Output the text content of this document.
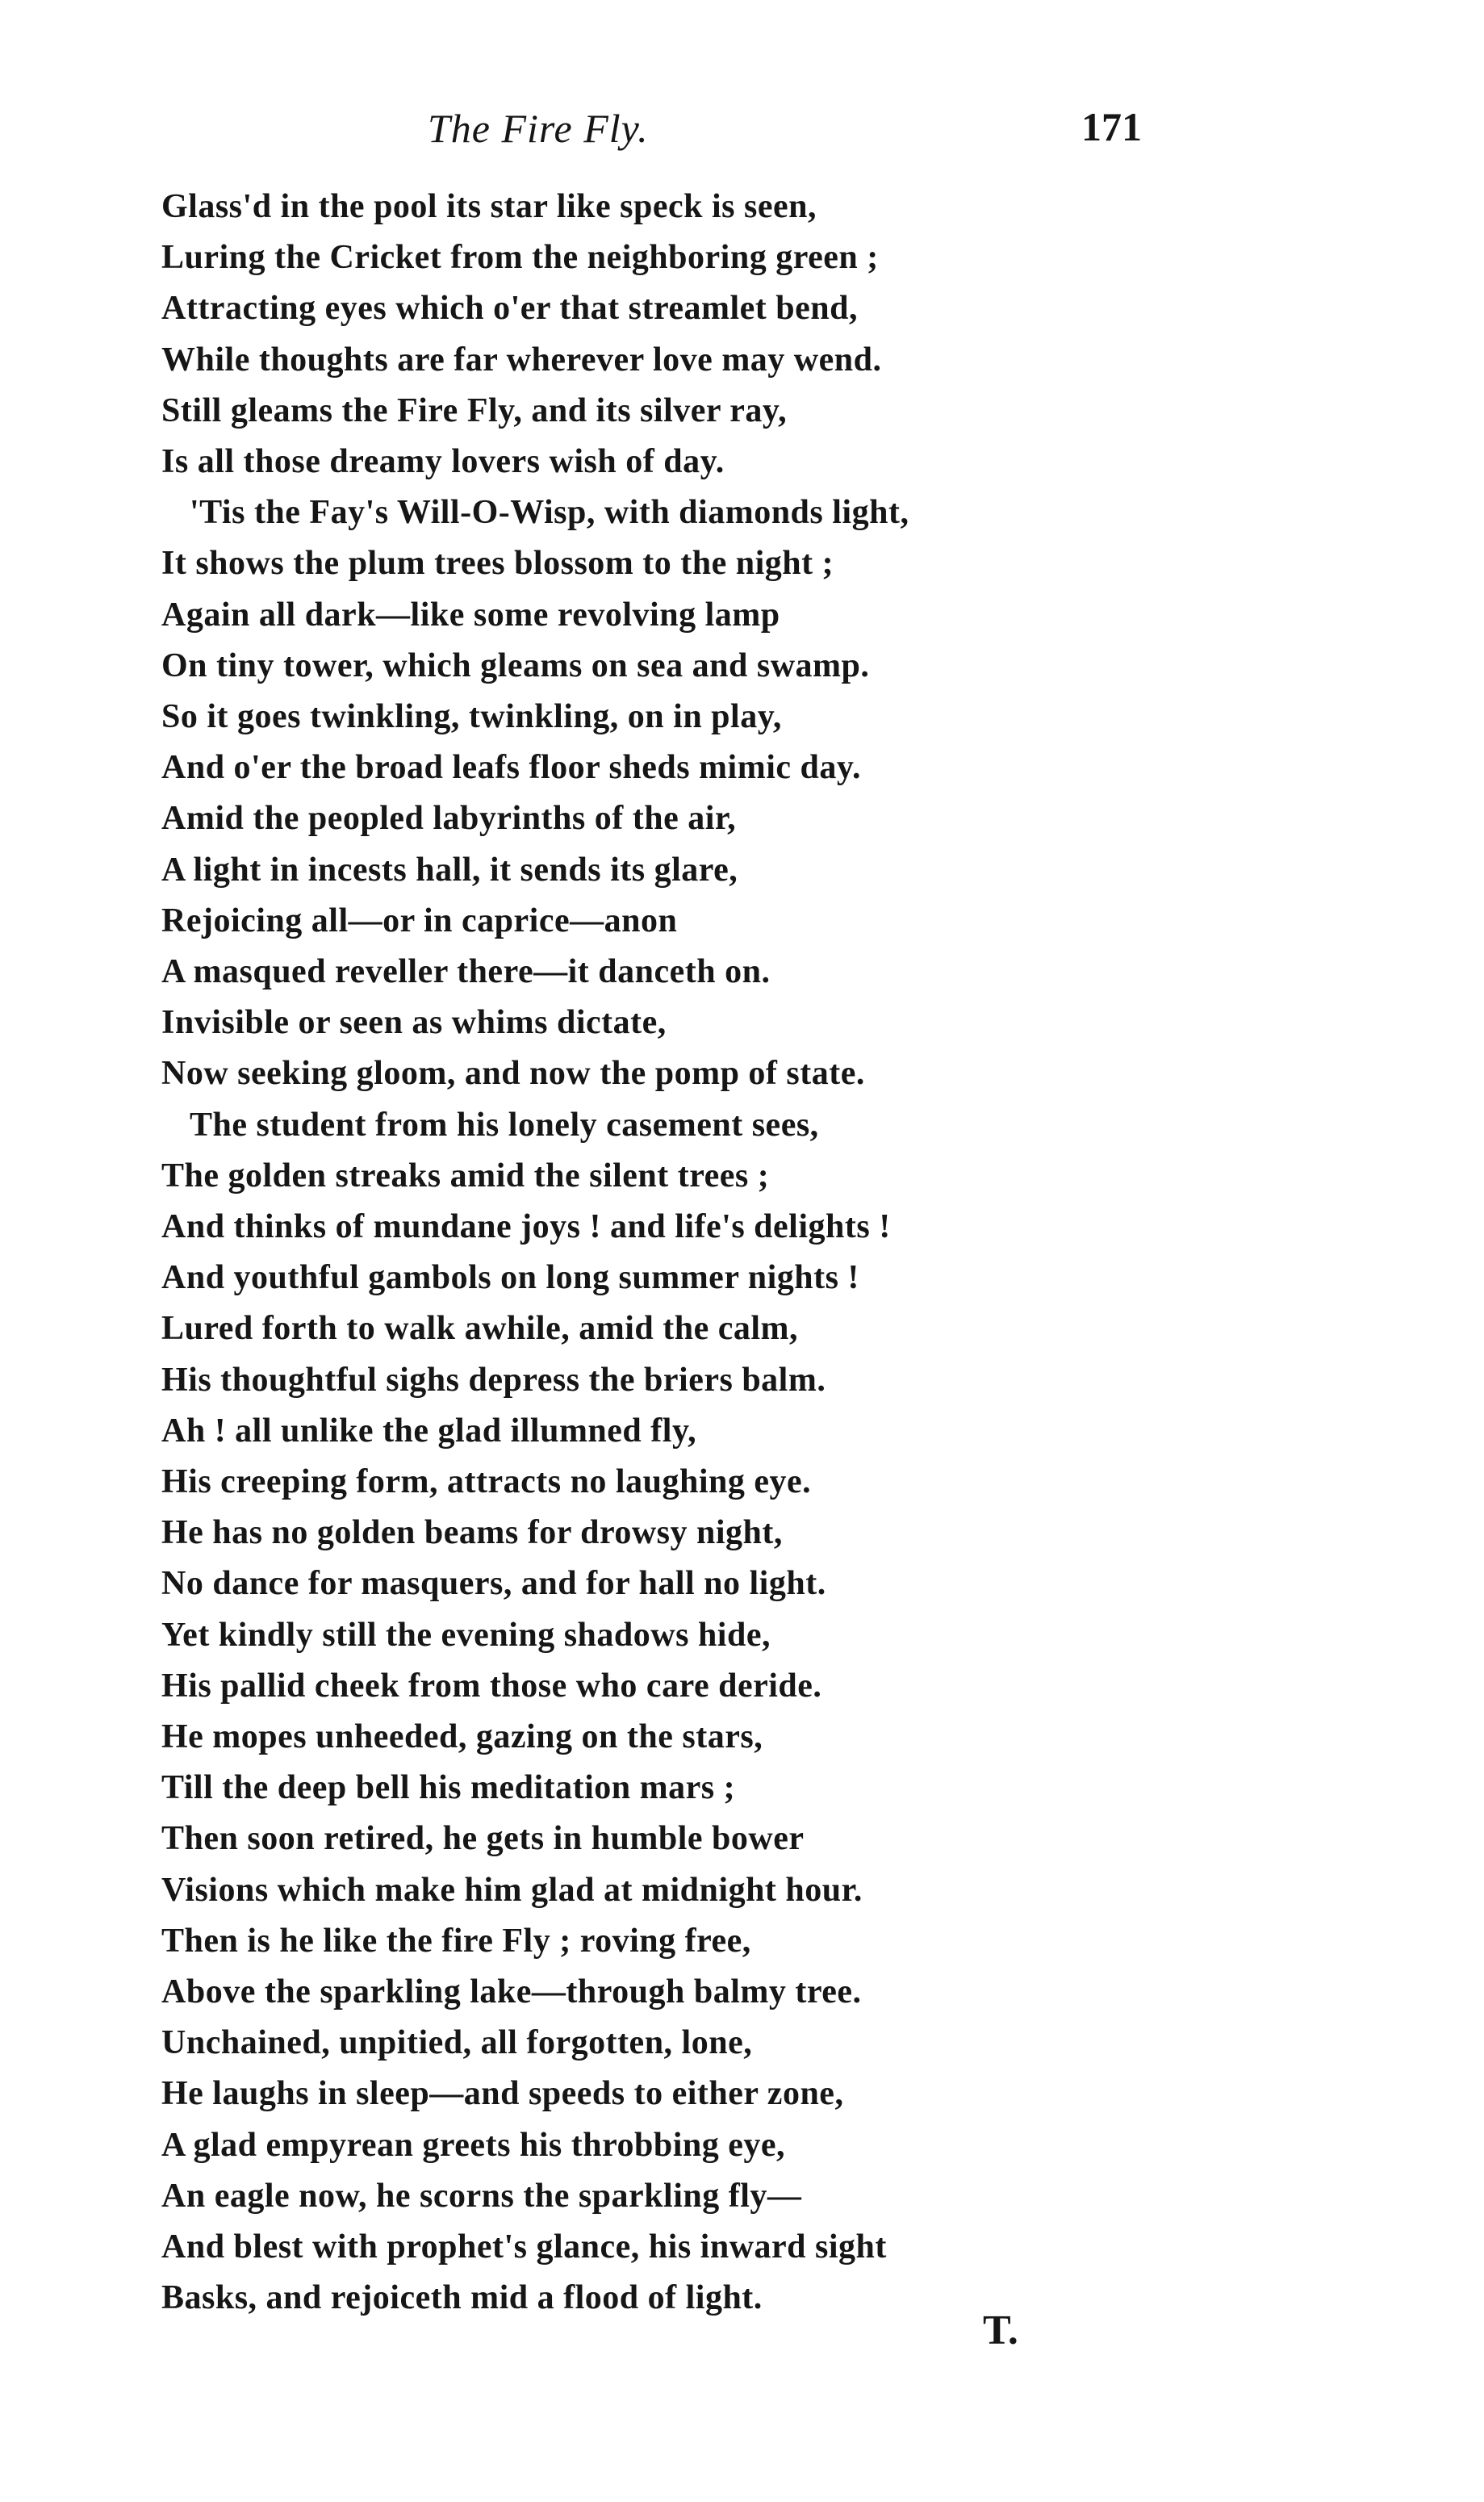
The Fire Fly.	171
Glass'd in the pool its star like speck is seen,
Luring the Cricket from the neighboring green ;
Attracting eyes which o'er that streamlet bend,
While thoughts are far wherever love may wend.
Still gleams the Fire Fly, and its silver ray,
Is all those dreamy lovers wish of day.
'Tis the Fay's Will-O-Wisp, with diamonds light,
It shows the plum trees blossom to the night ;
Again all dark—like some revolving lamp
On tiny tower, which gleams on sea and swamp.
So it goes twinkling, twinkling, on in play,
And o'er the broad leafs floor sheds mimic day.
Amid the peopled labyrinths of the air,
A light in incests hall, it sends its glare,
Rejoicing all—or in caprice—anon
A masqued reveller there—it danceth on.
Invisible or seen as whims dictate,
Now seeking gloom, and now the pomp of state.
The student from his lonely casement sees,
The golden streaks amid the silent trees ;
And thinks of mundane joys ! and life's delights !
And youthful gambols on long summer nights !
Lured forth to walk awhile, amid the calm,
His thoughtful sighs depress the briers balm.
Ah ! all unlike the glad illumned fly,
His creeping form, attracts no laughing eye.
He has no golden beams for drowsy night,
No dance for masquers, and for hall no light.
Yet kindly still the evening shadows hide,
His pallid cheek from those who care deride.
He mopes unheeded, gazing on the stars,
Till the deep bell his meditation mars ;
Then soon retired, he gets in humble bower
Visions which make him glad at midnight hour.
Then is he like the fire Fly ; roving free,
Above the sparkling lake—through balmy tree.
Unchained, unpitied, all forgotten, lone,
He laughs in sleep—and speeds to either zone,
A glad empyrean greets his throbbing eye,
An eagle now, he scorns the sparkling fly—
And blest with prophet's glance, his inward sight
Basks, and rejoiceth mid a flood of light.
T.
